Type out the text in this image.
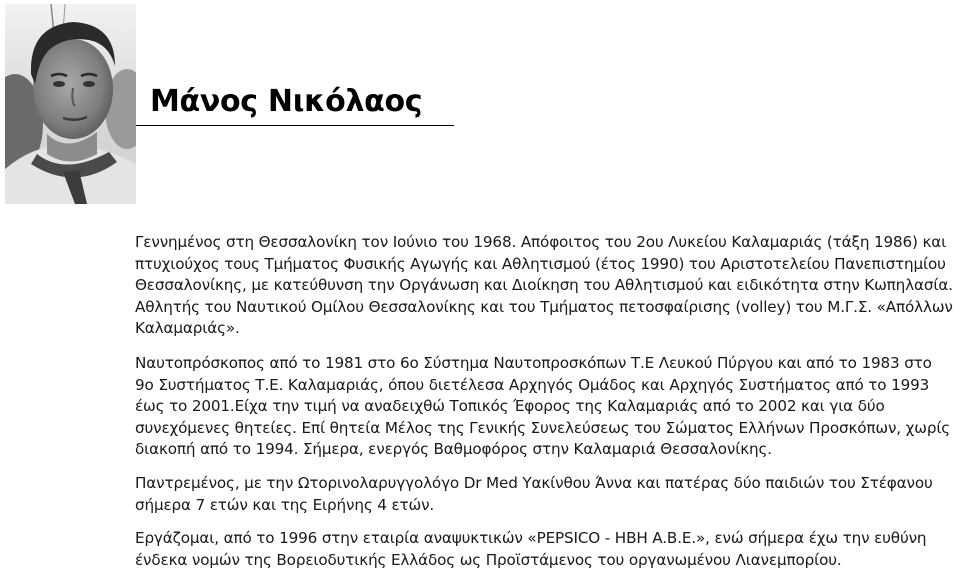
Μάνος Νικόλαος

Γεννημένος στη Θεσσαλονίκη τον Ιούνιο του 1968. Απόφοιτος του 2ου Λυκείου Καλαμαριάς (τάξη 1986) και πτυχιούχος τους Τμήματος Φυσικής Αγωγής και Αθλητισμού (έτος 1990) του Αριστοτελείου Πανεπιστημίου Θεσσαλονίκης, με κατεύθυνση την Οργάνωση και Διοίκηση του Αθλητισμού και ειδικότητα στην Κωπηλασία. Αθλητής του Ναυτικού Ομίλου Θεσσαλονίκης και του Τμήματος πετοσφαίρισης (volley) του Μ.Γ.Σ. «Απόλλων Καλαμαριάς».

Ναυτοπρόσκοπος από το 1981 στο 6ο Σύστημα Ναυτοπροσκόπων Τ.Ε Λευκού Πύργου και από το 1983 στο 9ο Συστήματος Τ.Ε. Καλαμαριάς, όπου διετέλεσα Αρχηγός Ομάδος και Αρχηγός Συστήματος από το 1993 έως το 2001.Είχα την τιμή να αναδειχθώ Τοπικός Έφορος της Καλαμαριάς από το 2002 και για δύο συνεχόμενες θητείες. Επί θητεία Μέλος της Γενικής Συνελεύσεως του Σώματος Ελλήνων Προσκόπων, χωρίς διακοπή από το 1994. Σήμερα, ενεργός Βαθμοφόρος στην Καλαμαριά Θεσσαλονίκης.

Παντρεμένος, με την Ωτορινολαρυγγολόγο Dr Med Υακίνθου Άννα και πατέρας δύο παιδιών του Στέφανου σήμερα 7 ετών και της Ειρήνης 4 ετών.

Εργάζομαι, από το 1996 στην εταιρία αναψυκτικών «PEPSICO - HBH A.B.E.», ενώ σήμερα έχω την ευθύνη ένδεκα νομών της Βορειοδυτικής Ελλάδος ως Προϊστάμενος του οργανωμένου Λιανεμπορίου.
